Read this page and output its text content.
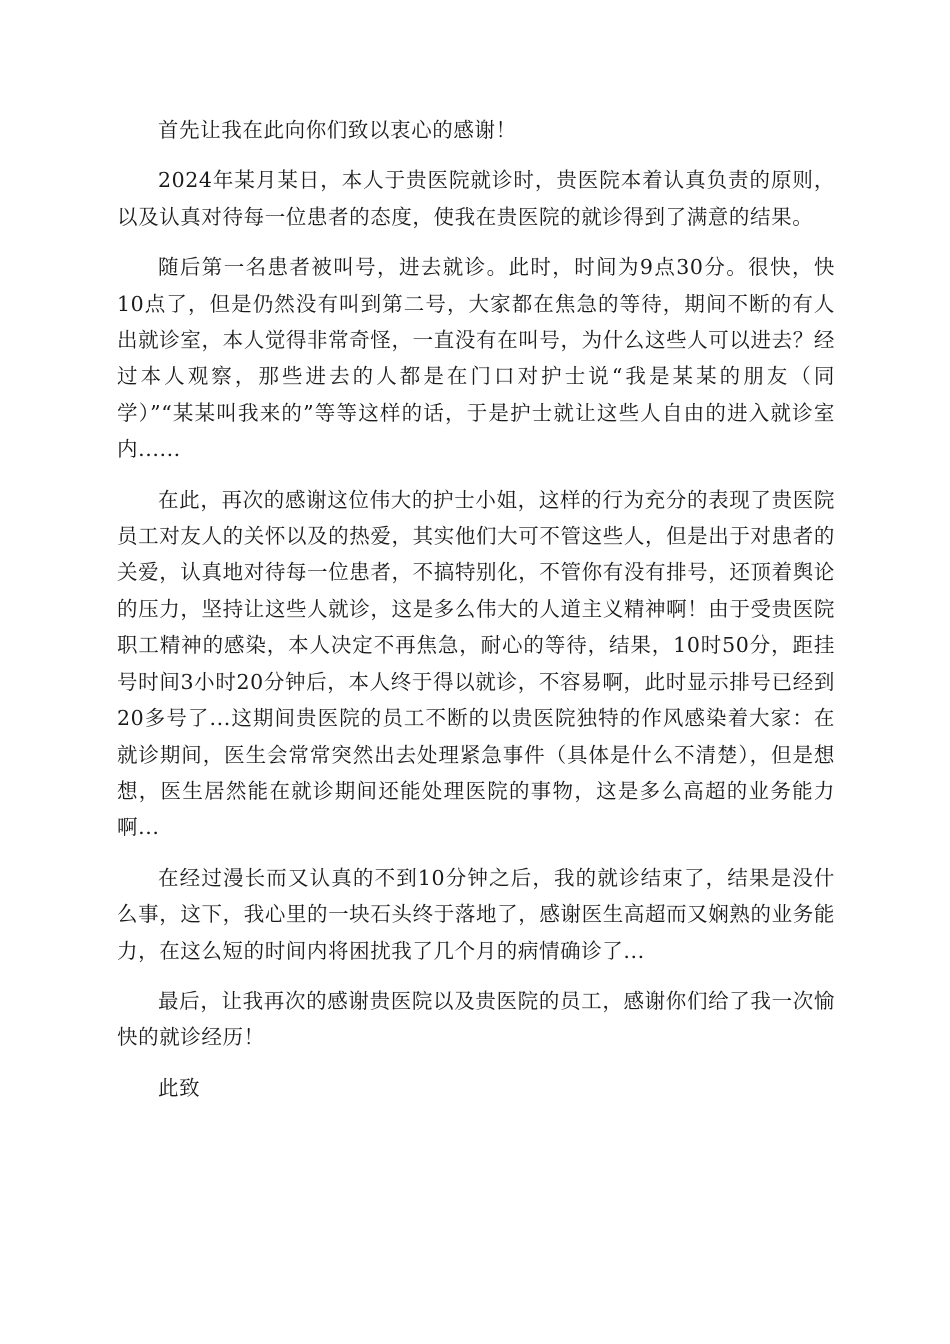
首先让我在此向你们致以衷心的感谢！

2024年某月某日，本人于贵医院就诊时，贵医院本着认真负责的原则，以及认真对待每一位患者的态度，使我在贵医院的就诊得到了满意的结果。

随后第一名患者被叫号，进去就诊。此时，时间为9点30分。很快，快10点了，但是仍然没有叫到第二号，大家都在焦急的等待，期间不断的有人出就诊室，本人觉得非常奇怪，一直没有在叫号，为什么这些人可以进去？经过本人观察，那些进去的人都是在门口对护士说“我是某某的朋友（同学）”“某某叫我来的”等等这样的话，于是护士就让这些人自由的进入就诊室内......

在此，再次的感谢这位伟大的护士小姐，这样的行为充分的表现了贵医院员工对友人的关怀以及的热爱，其实他们大可不管这些人，但是出于对患者的关爱，认真地对待每一位患者，不搞特别化，不管你有没有排号，还顶着舆论的压力，坚持让这些人就诊，这是多么伟大的人道主义精神啊！由于受贵医院职工精神的感染，本人决定不再焦急，耐心的等待，结果，10时50分，距挂号时间3小时20分钟后，本人终于得以就诊，不容易啊，此时显示排号已经到20多号了...这期间贵医院的员工不断的以贵医院独特的作风感染着大家：在就诊期间，医生会常常突然出去处理紧急事件（具体是什么不清楚），但是想想，医生居然能在就诊期间还能处理医院的事物，这是多么高超的业务能力啊...

在经过漫长而又认真的不到10分钟之后，我的就诊结束了，结果是没什么事，这下，我心里的一块石头终于落地了，感谢医生高超而又娴熟的业务能力，在这么短的时间内将困扰我了几个月的病情确诊了...

最后，让我再次的感谢贵医院以及贵医院的员工，感谢你们给了我一次愉快的就诊经历！

此致
